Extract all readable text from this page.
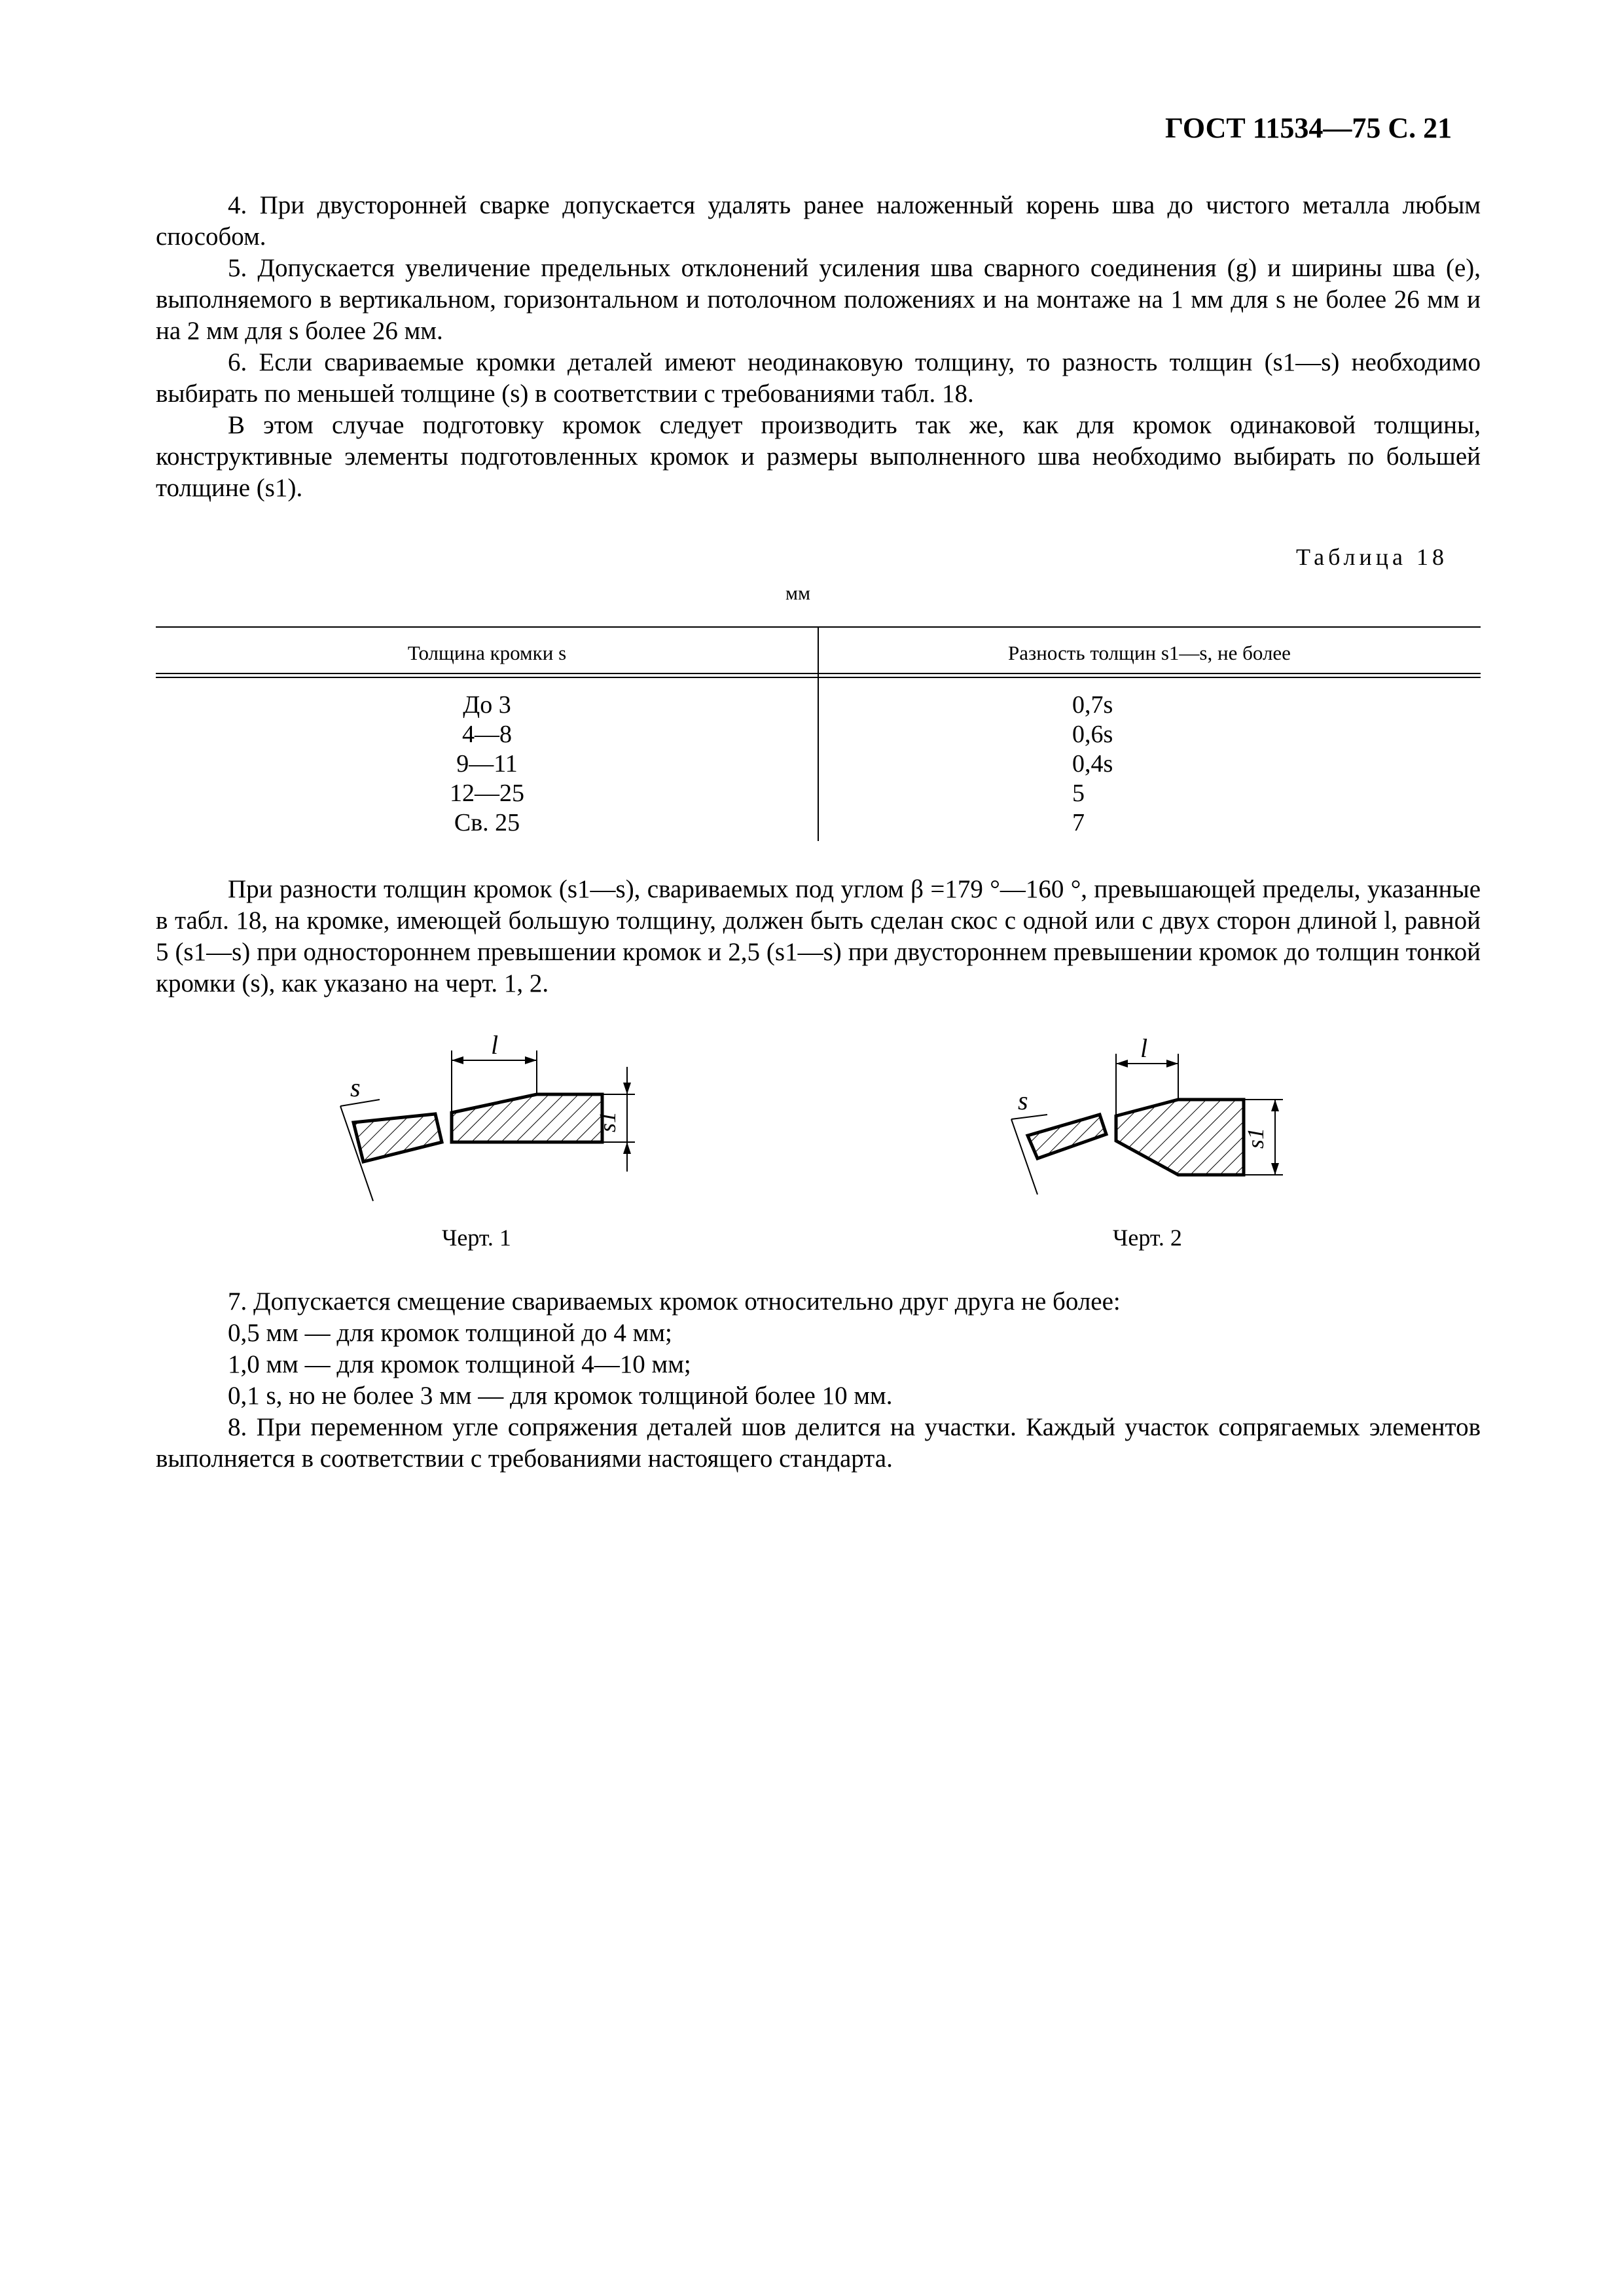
ГОСТ 11534—75 С. 21

4. При двусторонней сварке допускается удалять ранее наложенный корень шва до чистого металла любым способом.

5. Допускается увеличение предельных отклонений усиления шва сварного соединения (g) и ширины шва (e), выполняемого в вертикальном, горизонтальном и потолочном положениях и на монтаже на 1 мм для s не более 26 мм и на 2 мм для s более 26 мм.

6. Если свариваемые кромки деталей имеют неодинаковую толщину, то разность толщин (s1—s) необходимо выбирать по меньшей толщине (s) в соответствии с требованиями табл. 18.

В этом случае подготовку кромок следует производить так же, как для кромок одинаковой толщины, конструктивные элементы подготовленных кромок и размеры выполненного шва необходимо выбирать по большей толщине (s1).

Таблица 18
мм
Толщина кромки s	Разность толщин s1—s, не более
До 3
4—8
9—11
12—25
Св. 25
0,7s
0,6s
0,4s
5
7

При разности толщин кромок (s1—s), свариваемых под углом β =179 °—160 °, превышающей пределы, указанные в табл. 18, на кромке, имеющей большую толщину, должен быть сделан скос с одной или с двух сторон длиной l, равной 5 (s1—s) при одностороннем превышении кромок и 2,5 (s1—s) при двустороннем превышении кромок до толщин тонкой кромки (s), как указано на черт. 1, 2.

s
l
s1
Черт. 1
s
l
s1
Черт. 2

7. Допускается смещение свариваемых кромок относительно друг друга не более:

0,5 мм — для кромок толщиной до 4 мм;

1,0 мм — для кромок толщиной 4—10 мм;

0,1 s, но не более 3 мм — для кромок толщиной более 10 мм.

8. При переменном угле сопряжения деталей шов делится на участки. Каждый участок сопрягаемых элементов выполняется в соответствии с требованиями настоящего стандарта.
